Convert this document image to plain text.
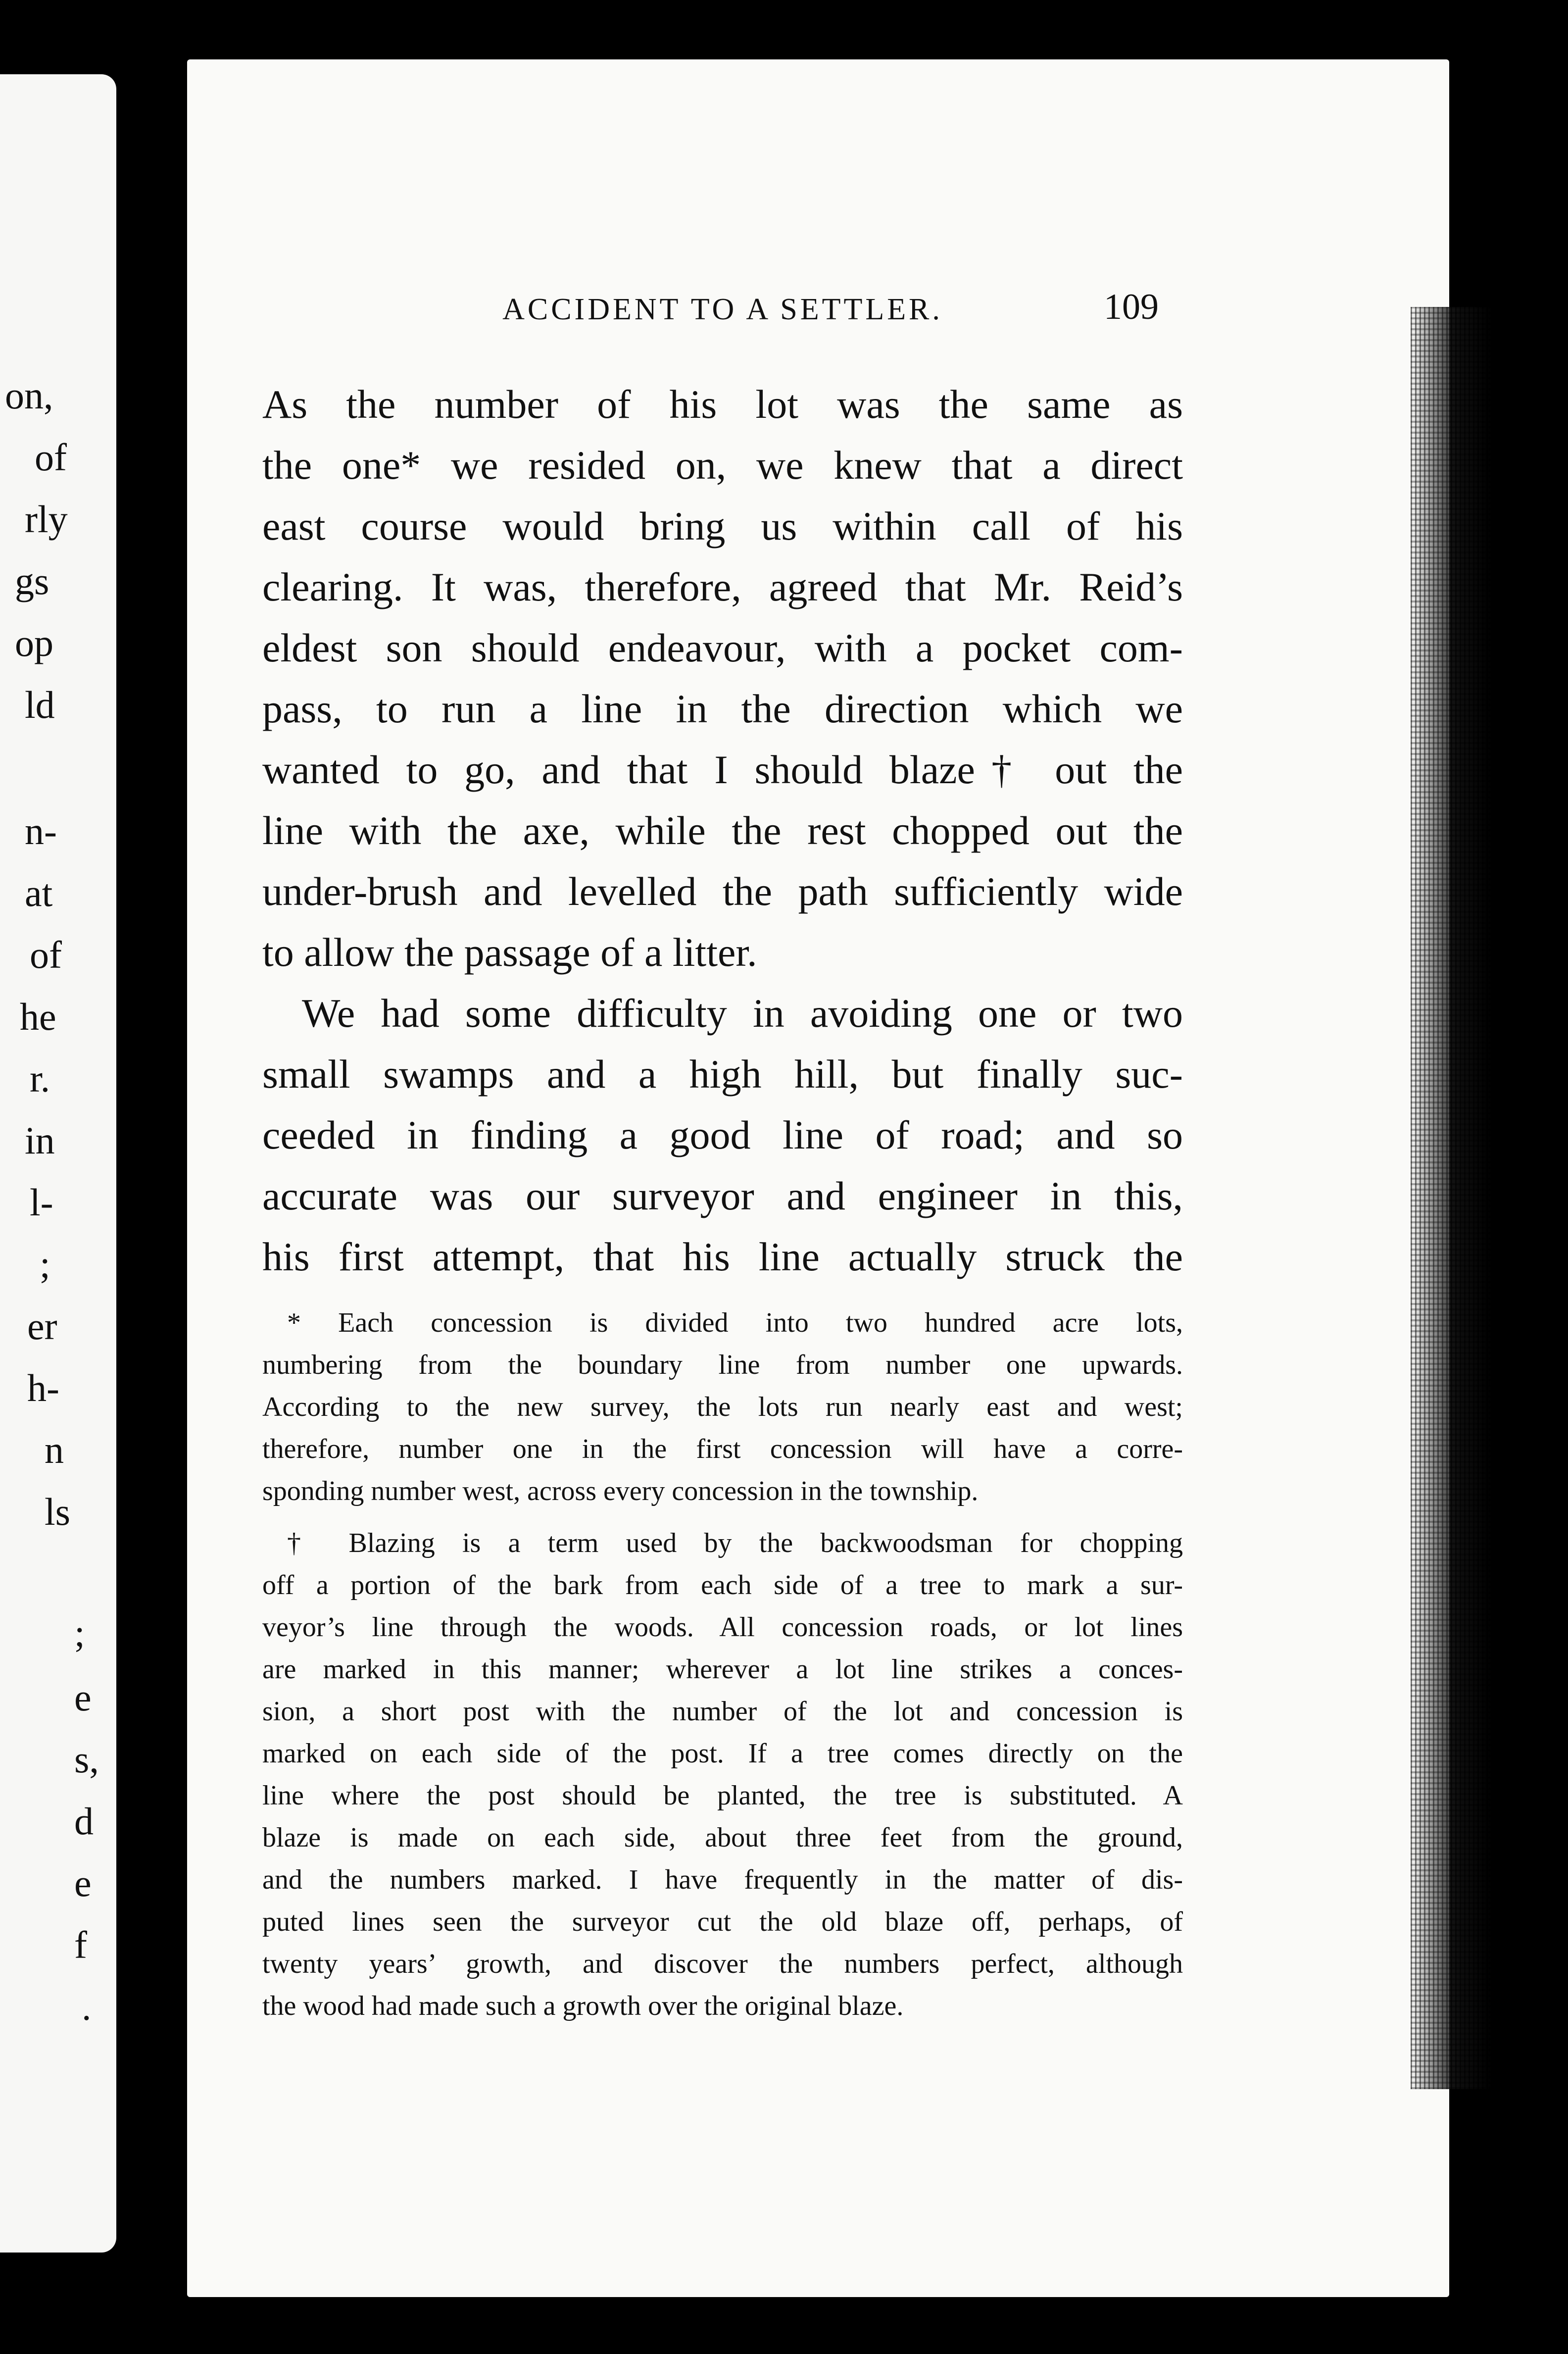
on,
of
rly
gs
op
ld
n-
at
of
he
r.
in
l-
;
er
h-
n
ls
;
e
s,
d
e
f
.
ACCIDENT TO A SETTLER.	109
As the number of his lot was the same as
the one* we resided on, we knew that a direct
east course would bring us within call of his
clearing. It was, therefore, agreed that Mr. Reid’s
eldest son should endeavour, with a pocket com-
pass, to run a line in the direction which we
wanted to go, and that I should blaze† out the
line with the axe, while the rest chopped out the
under-brush and levelled the path sufficiently wide
to allow the passage of a litter.
We had some difficulty in avoiding one or two
small swamps and a high hill, but finally suc-
ceeded in finding a good line of road; and so
accurate was our surveyor and engineer in this,
his first attempt, that his line actually struck the
* Each concession is divided into two hundred acre lots,
numbering from the boundary line from number one upwards.
According to the new survey, the lots run nearly east and west;
therefore, number one in the first concession will have a corre-
sponding number west, across every concession in the township.
† Blazing is a term used by the backwoodsman for chopping
off a portion of the bark from each side of a tree to mark a sur-
veyor’s line through the woods. All concession roads, or lot lines
are marked in this manner; wherever a lot line strikes a conces-
sion, a short post with the number of the lot and concession is
marked on each side of the post. If a tree comes directly on the
line where the post should be planted, the tree is substituted. A
blaze is made on each side, about three feet from the ground,
and the numbers marked. I have frequently in the matter of dis-
puted lines seen the surveyor cut the old blaze off, perhaps, of
twenty years’ growth, and discover the numbers perfect, although
the wood had made such a growth over the original blaze.
